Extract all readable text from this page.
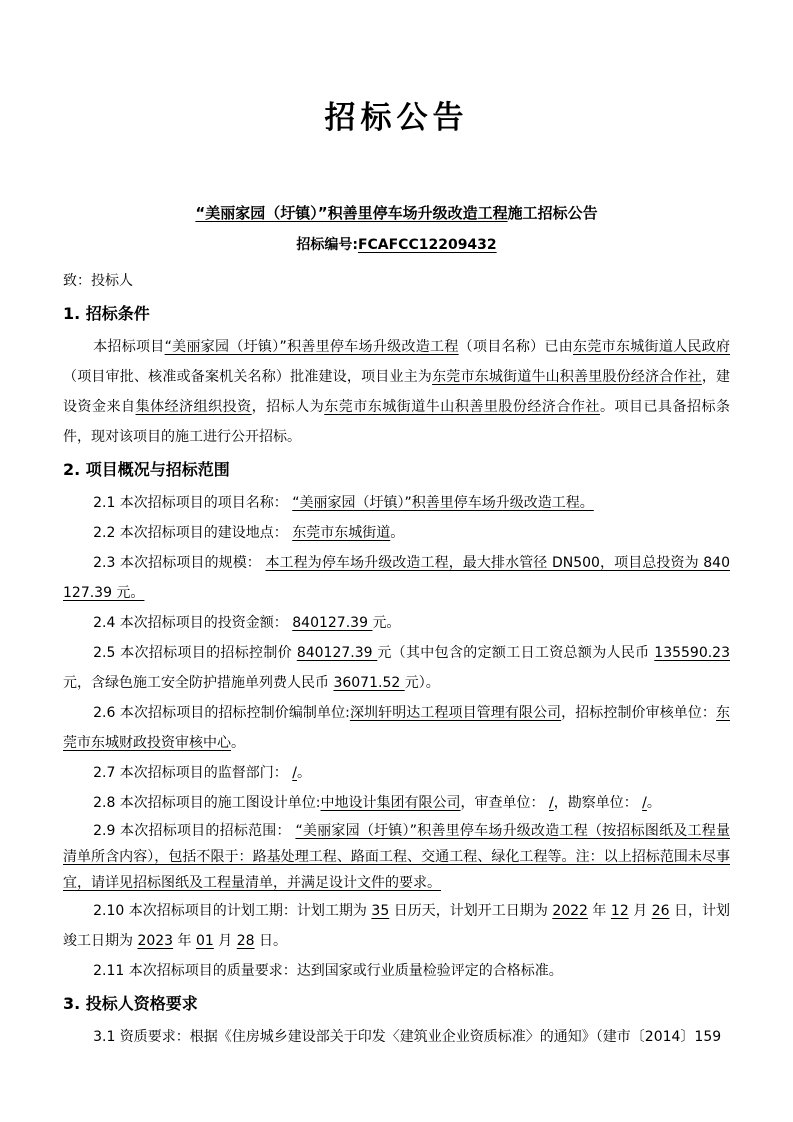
招标公告
“美丽家园（圩镇）”积善里停车场升级改造工程施工招标公告
招标编号:FCAFCC12209432
致：投标人
1. 招标条件

本招标项目“美丽家园（圩镇）”积善里停车场升级改造工程（项目名称）已由东莞市东城街道人民政府（项目审批、核准或备案机关名称）批准建设，项目业主为东莞市东城街道牛山积善里股份经济合作社，建设资金来自集体经济组织投资，招标人为东莞市东城街道牛山积善里股份经济合作社。项目已具备招标条件，现对该项目的施工进行公开招标。

2. 项目概况与招标范围

2.1 本次招标项目的项目名称： “美丽家园（圩镇）”积善里停车场升级改造工程。

2.2 本次招标项目的建设地点： 东莞市东城街道。

2.3 本次招标项目的规模： 本工程为停车场升级改造工程，最大排水管径 DN500，项目总投资为 840127.39 元。

2.4 本次招标项目的投资金额： 840127.39 元。

2.5 本次招标项目的招标控制价 840127.39 元（其中包含的定额工日工资总额为人民币 135590.23 元，含绿色施工安全防护措施单列费人民币 36071.52 元）。

2.6 本次招标项目的招标控制价编制单位:深圳轩明达工程项目管理有限公司，招标控制价审核单位：东莞市东城财政投资审核中心。

2.7 本次招标项目的监督部门： /。

2.8 本次招标项目的施工图设计单位:中地设计集团有限公司，审查单位： /，勘察单位： /。

2.9 本次招标项目的招标范围： “美丽家园（圩镇）”积善里停车场升级改造工程（按招标图纸及工程量清单所含内容），包括不限于：路基处理工程、路面工程、交通工程、绿化工程等。注：以上招标范围未尽事宜，请详见招标图纸及工程量清单，并满足设计文件的要求。

2.10 本次招标项目的计划工期：计划工期为 35 日历天，计划开工日期为 2022 年 12 月 26 日，计划竣工日期为 2023 年 01 月 28 日。

2.11 本次招标项目的质量要求：达到国家或行业质量检验评定的合格标准。

3. 投标人资格要求

3.1 资质要求：根据《住房城乡建设部关于印发〈建筑业企业资质标准〉的通知》（建市〔2014〕159
